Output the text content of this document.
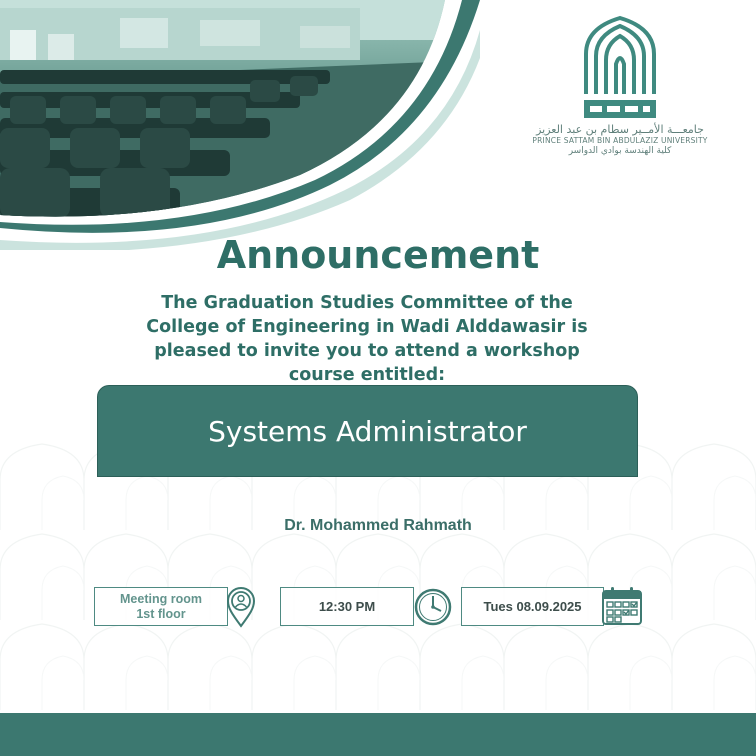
جامعـــة الأمــير سطام بن عبد العزيز
PRINCE SATTAM BIN ABDULAZIZ UNIVERSITY
كلية الهندسة بوادي الدواسر
Announcement
The Graduation Studies Committee of the
College of Engineering in Wadi Alddawasir is
pleased to invite you to attend a workshop
course entitled:
Systems Administrator
Dr. Mohammed Rahmath
Meeting room
1st floor	12:30 PM	Tues 08.09.2025
